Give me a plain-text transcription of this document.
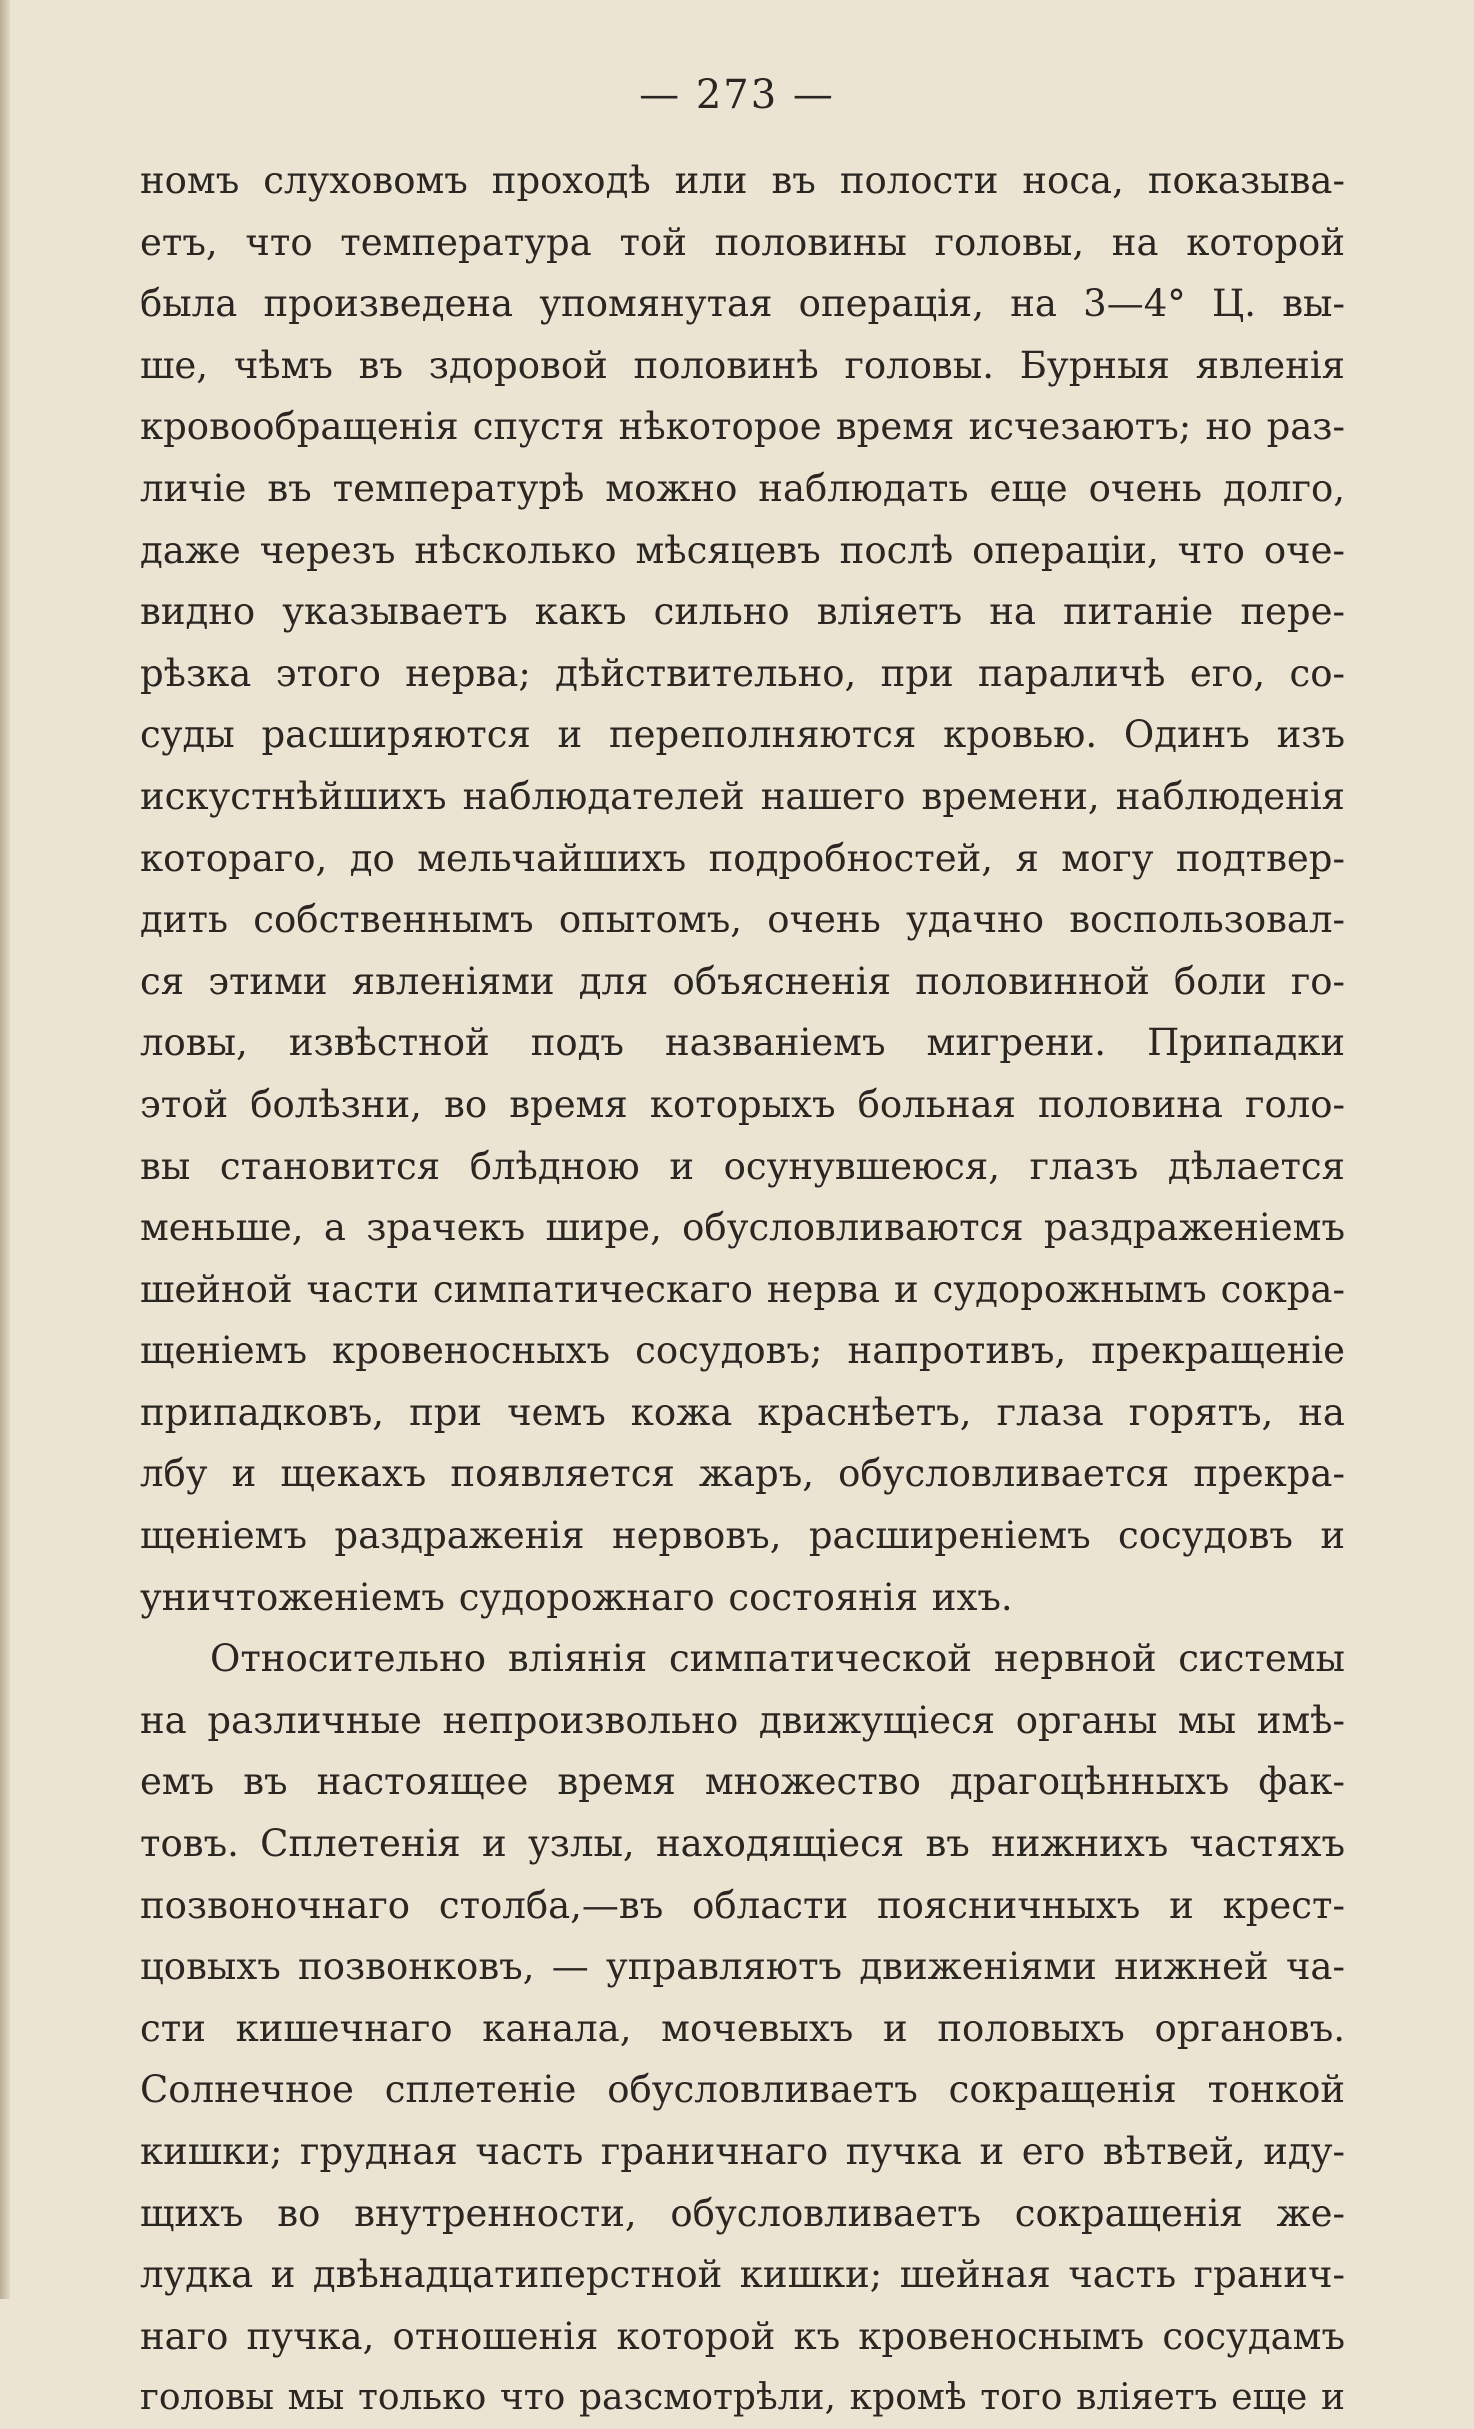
— 273 —
номъ слуховомъ проходѣ или въ полости носа, показыва-
етъ, что температура той половины головы, на которой
была произведена упомянутая операція, на 3—4° Ц. вы-
ше, чѣмъ въ здоровой половинѣ головы. Бурныя явленія
кровообращенія спустя нѣкоторое время исчезаютъ; но раз-
личіе въ температурѣ можно наблюдать еще очень долго,
даже черезъ нѣсколько мѣсяцевъ послѣ операціи, что оче-
видно указываетъ какъ сильно вліяетъ на питаніе пере-
рѣзка этого нерва; дѣйствительно, при параличѣ его, со-
суды расширяются и переполняются кровью. Одинъ изъ
искустнѣйшихъ наблюдателей нашего времени, наблюденія
котораго, до мельчайшихъ подробностей, я могу подтвер-
дить собственнымъ опытомъ, очень удачно воспользовал-
ся этими явленіями для объясненія половинной боли го-
ловы, извѣстной подъ названіемъ мигрени. Припадки
этой болѣзни, во время которыхъ больная половина голо-
вы становится блѣдною и осунувшеюся, глазъ дѣлается
меньше, а зрачекъ шире, обусловливаются раздраженіемъ
шейной части симпатическаго нерва и судорожнымъ сокра-
щеніемъ кровеносныхъ сосудовъ; напротивъ, прекращеніе
припадковъ, при чемъ кожа краснѣетъ, глаза горятъ, на
лбу и щекахъ появляется жаръ, обусловливается прекра-
щеніемъ раздраженія нервовъ, расширеніемъ сосудовъ и
уничтоженіемъ судорожнаго состоянія ихъ.
Относительно вліянія симпатической нервной системы
на различные непроизвольно движущіеся органы мы имѣ-
емъ въ настоящее время множество драгоцѣнныхъ фак-
товъ. Сплетенія и узлы, находящіеся въ нижнихъ частяхъ
позвоночнаго столба,—въ области поясничныхъ и крест-
цовыхъ позвонковъ, — управляютъ движеніями нижней ча-
сти кишечнаго канала, мочевыхъ и половыхъ органовъ.
Солнечное сплетеніе обусловливаетъ сокращенія тонкой
кишки; грудная часть граничнаго пучка и его вѣтвей, иду-
щихъ во внутренности, обусловливаетъ сокращенія же-
лудка и двѣнадцатиперстной кишки; шейная часть гранич-
наго пучка, отношенія которой къ кровеноснымъ сосудамъ
головы мы только что разсмотрѣли, кромѣ того вліяетъ еще и
